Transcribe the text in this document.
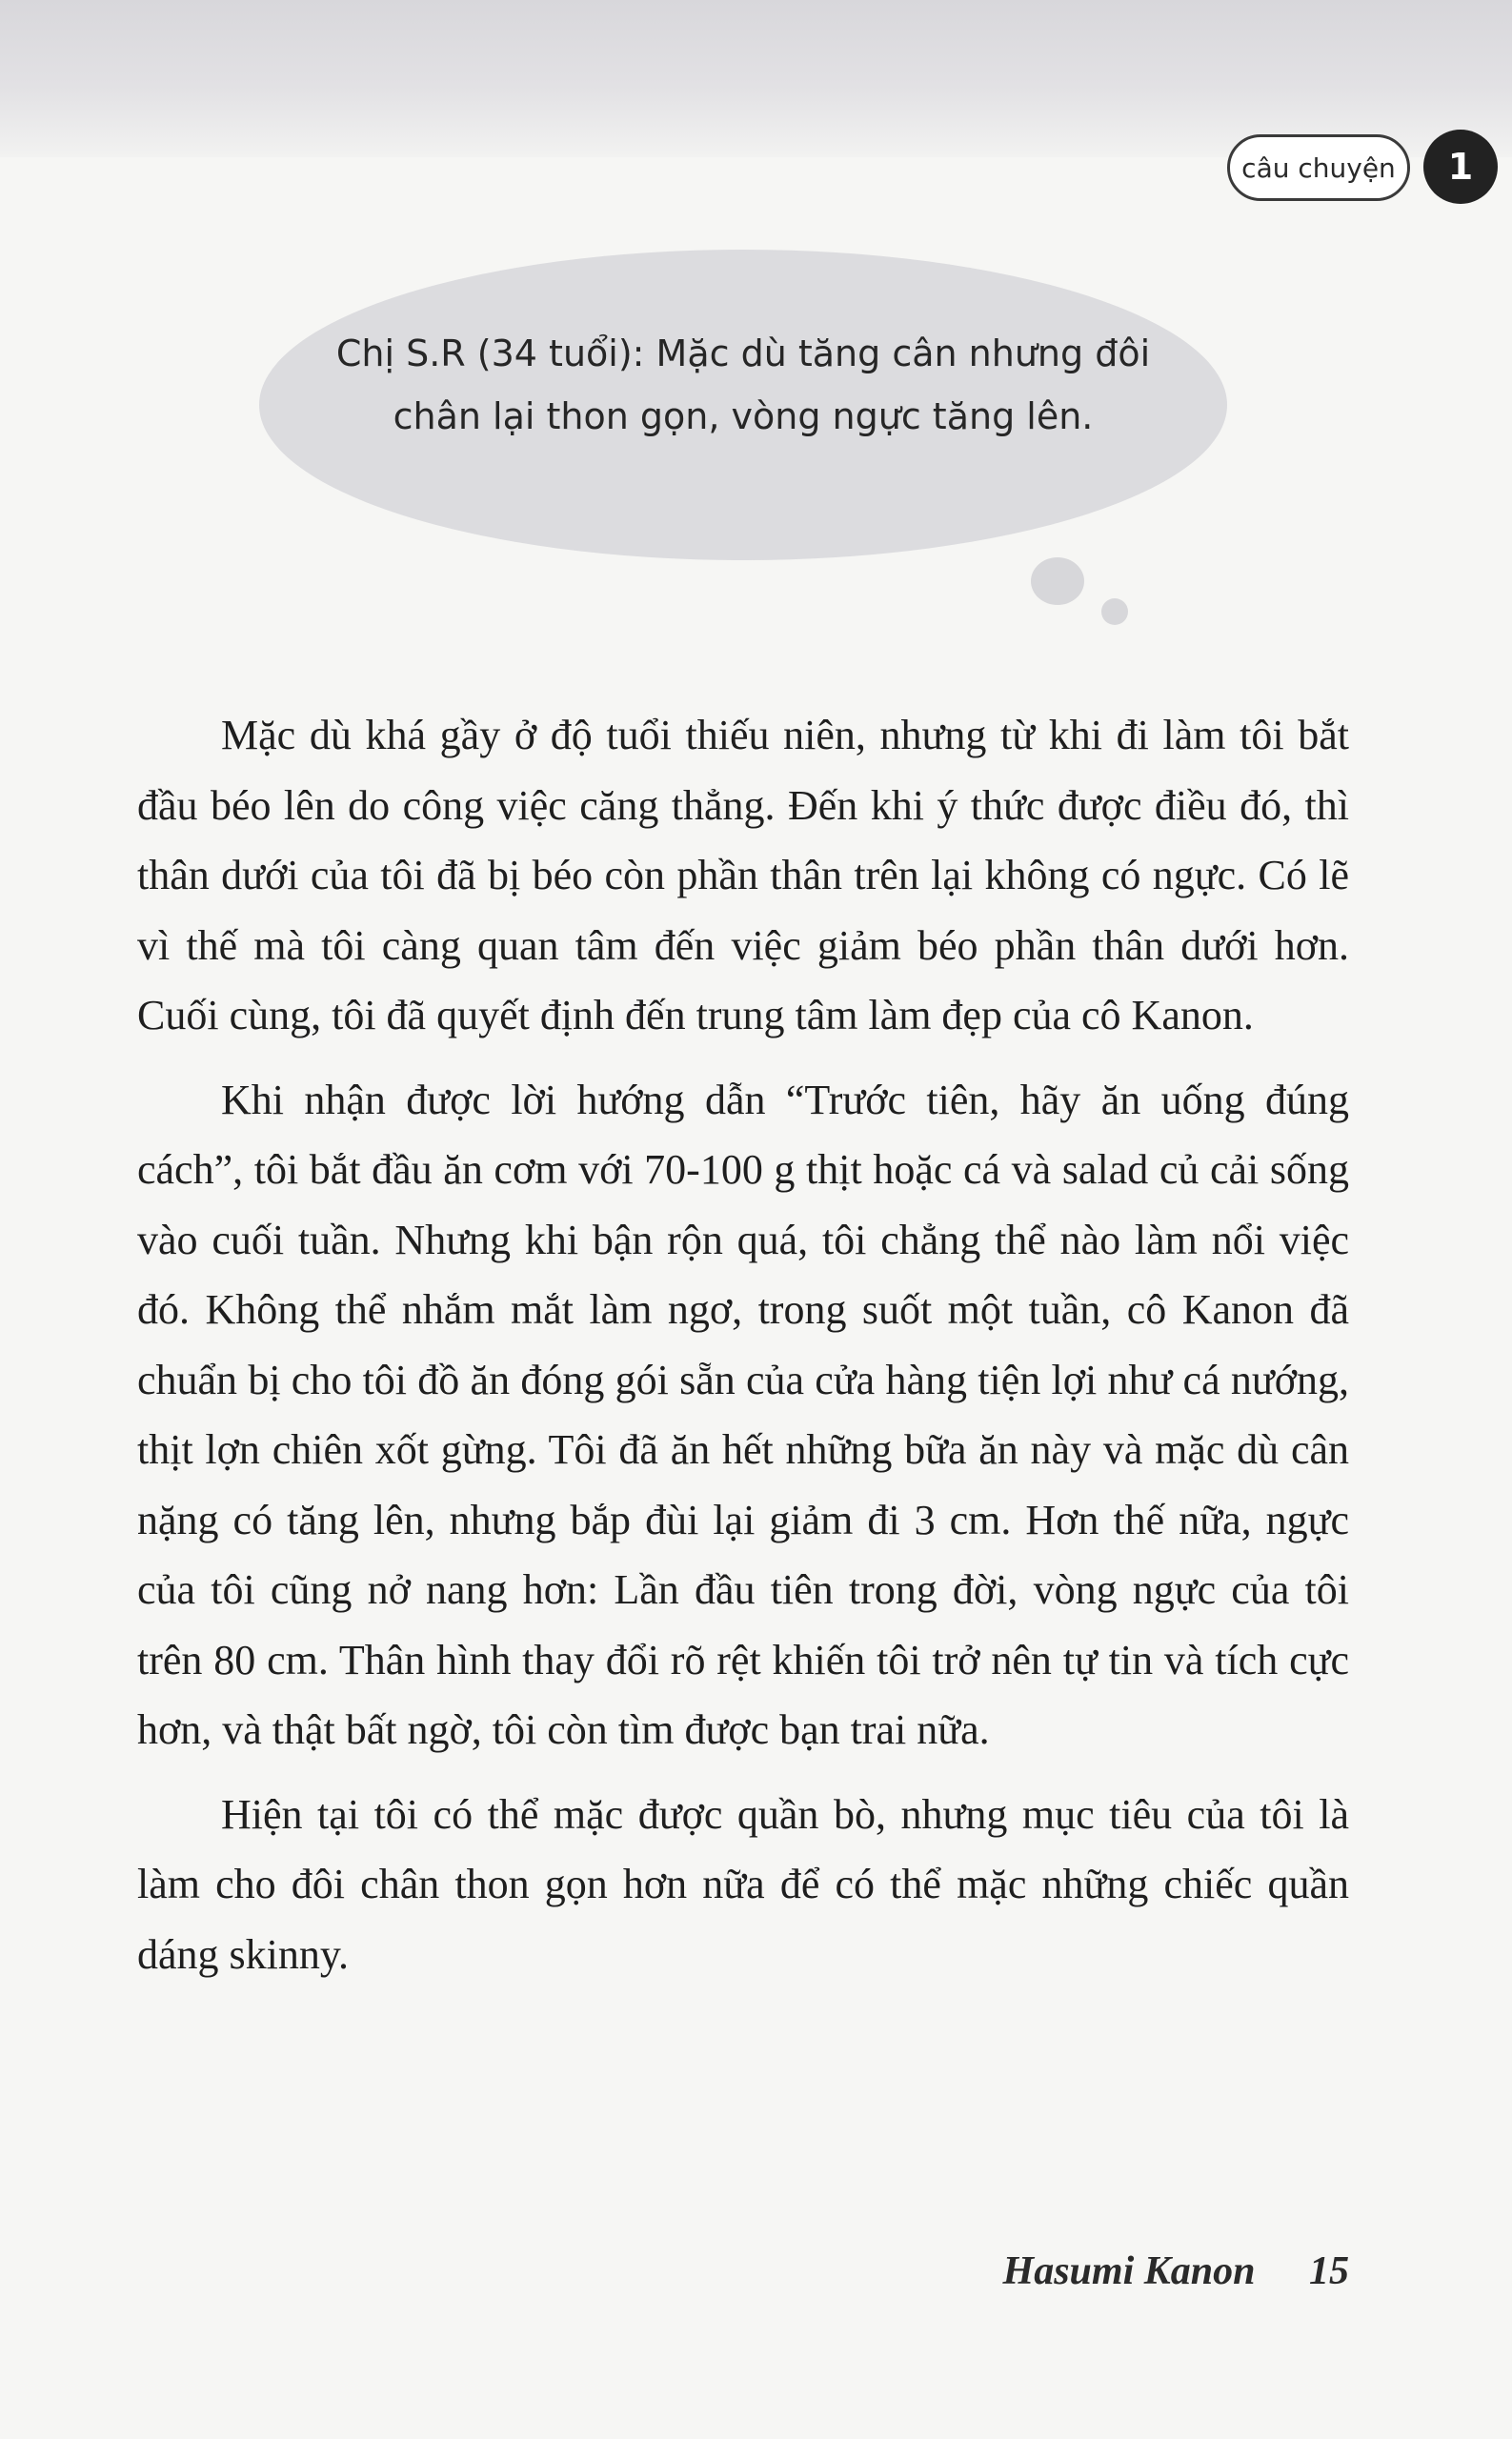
câu chuyện 1
Chị S.R (34 tuổi): Mặc dù tăng cân nhưng đôi chân lại thon gọn, vòng ngực tăng lên.

Mặc dù khá gầy ở độ tuổi thiếu niên, nhưng từ khi đi làm tôi bắt đầu béo lên do công việc căng thẳng. Đến khi ý thức được điều đó, thì thân dưới của tôi đã bị béo còn phần thân trên lại không có ngực. Có lẽ vì thế mà tôi càng quan tâm đến việc giảm béo phần thân dưới hơn. Cuối cùng, tôi đã quyết định đến trung tâm làm đẹp của cô Kanon.

Khi nhận được lời hướng dẫn “Trước tiên, hãy ăn uống đúng cách”, tôi bắt đầu ăn cơm với 70-100 g thịt hoặc cá và salad củ cải sống vào cuối tuần. Nhưng khi bận rộn quá, tôi chẳng thể nào làm nổi việc đó. Không thể nhắm mắt làm ngơ, trong suốt một tuần, cô Kanon đã chuẩn bị cho tôi đồ ăn đóng gói sẵn của cửa hàng tiện lợi như cá nướng, thịt lợn chiên xốt gừng. Tôi đã ăn hết những bữa ăn này và mặc dù cân nặng có tăng lên, nhưng bắp đùi lại giảm đi 3 cm. Hơn thế nữa, ngực của tôi cũng nở nang hơn: Lần đầu tiên trong đời, vòng ngực của tôi trên 80 cm. Thân hình thay đổi rõ rệt khiến tôi trở nên tự tin và tích cực hơn, và thật bất ngờ, tôi còn tìm được bạn trai nữa.

Hiện tại tôi có thể mặc được quần bò, nhưng mục tiêu của tôi là làm cho đôi chân thon gọn hơn nữa để có thể mặc những chiếc quần dáng skinny.

Hasumi Kanon 15
